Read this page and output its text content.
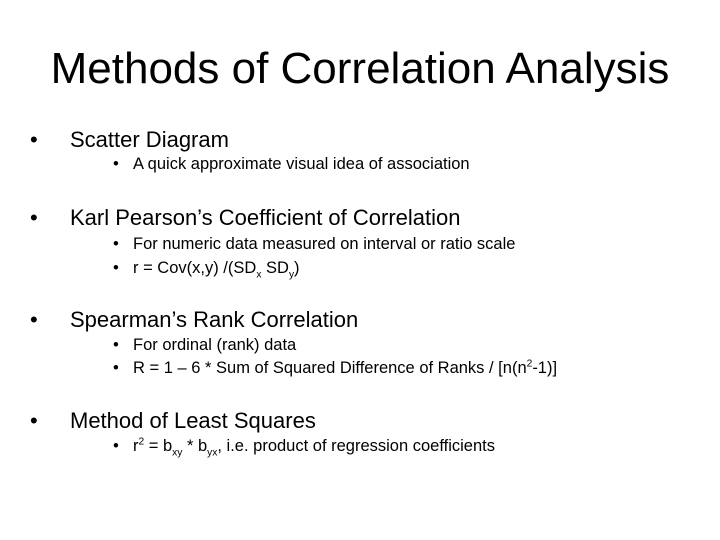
Methods of Correlation Analysis
• Scatter Diagram
• A quick approximate visual idea of association
• Karl Pearson’s Coefficient of Correlation
• For numeric data measured on interval or ratio scale
• r = Cov(x,y) $/(SD_x$ $SD_y$)
• Spearman’s Rank Correlation
• For ordinal (rank) data
• R = 1 – 6 * Sum of Squared Difference of Ranks / $[n(n^2-1)]$
• Method of Least Squares
• $r^2 = b_{xy} * b_{yx}$, i.e. product of regression coefficients
